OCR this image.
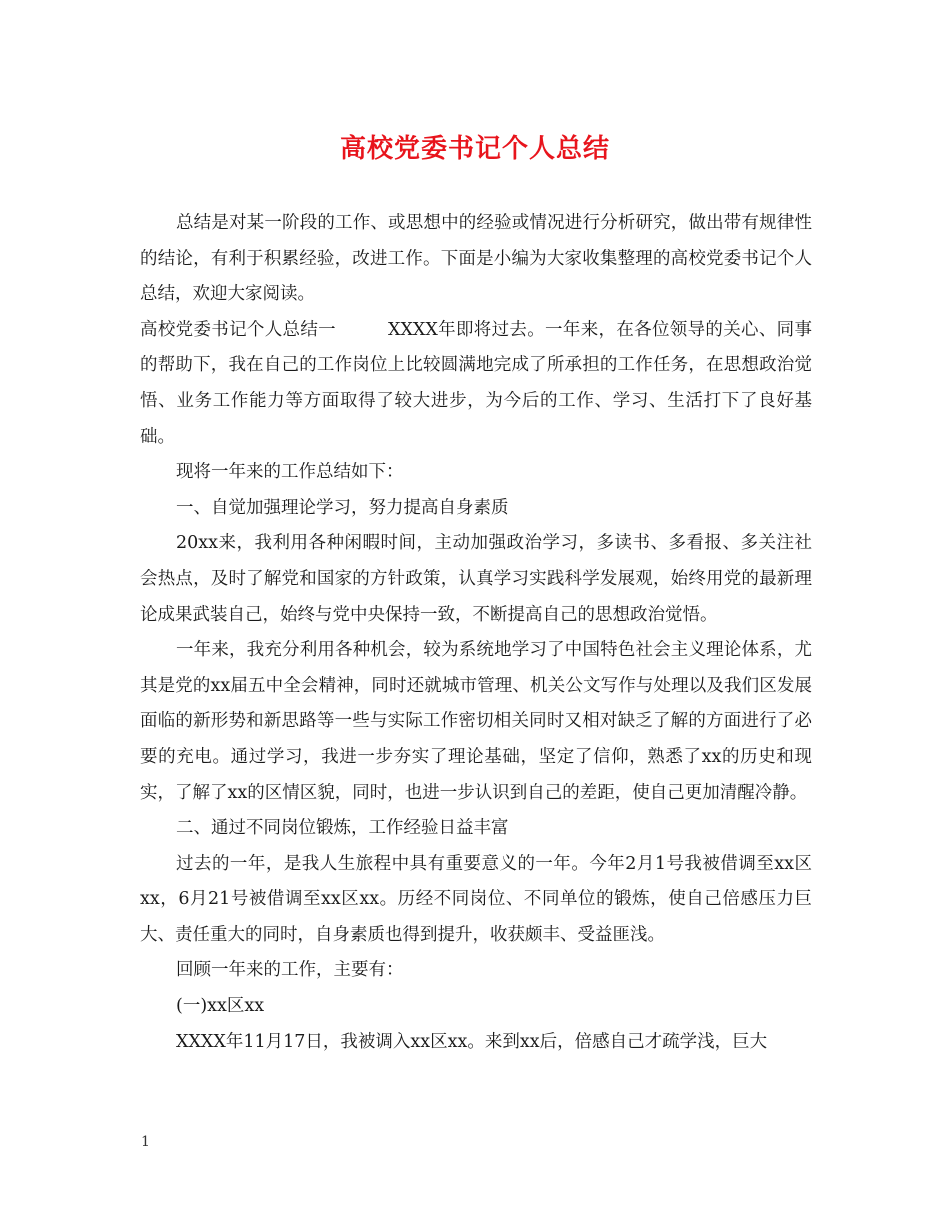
高校党委书记个人总结

总结是对某一阶段的工作、或思想中的经验或情况进行分析研究，做出带有规律性的结论，有利于积累经验，改进工作。下面是小编为大家收集整理的高校党委书记个人总结，欢迎大家阅读。

高校党委书记个人总结一	XXXX年即将过去。一年来，在各位领导的关心、同事的帮助下，我在自己的工作岗位上比较圆满地完成了所承担的工作任务，在思想政治觉悟、业务工作能力等方面取得了较大进步，为今后的工作、学习、生活打下了良好基础。

现将一年来的工作总结如下：

一、自觉加强理论学习，努力提高自身素质

20xx来，我利用各种闲暇时间，主动加强政治学习，多读书、多看报、多关注社会热点，及时了解党和国家的方针政策，认真学习实践科学发展观，始终用党的最新理论成果武装自己，始终与党中央保持一致，不断提高自己的思想政治觉悟。

一年来，我充分利用各种机会，较为系统地学习了中国特色社会主义理论体系，尤其是党的xx届五中全会精神，同时还就城市管理、机关公文写作与处理以及我们区发展面临的新形势和新思路等一些与实际工作密切相关同时又相对缺乏了解的方面进行了必要的充电。通过学习，我进一步夯实了理论基础，坚定了信仰，熟悉了xx的历史和现实，了解了xx的区情区貌，同时，也进一步认识到自己的差距，使自己更加清醒冷静。

二、通过不同岗位锻炼，工作经验日益丰富

过去的一年，是我人生旅程中具有重要意义的一年。今年2月1号我被借调至xx区xx，6月21号被借调至xx区xx。历经不同岗位、不同单位的锻炼，使自己倍感压力巨大、责任重大的同时，自身素质也得到提升，收获颇丰、受益匪浅。

回顾一年来的工作，主要有：

(一)xx区xx

XXXX年11月17日，我被调入xx区xx。来到xx后，倍感自己才疏学浅，巨大

1
